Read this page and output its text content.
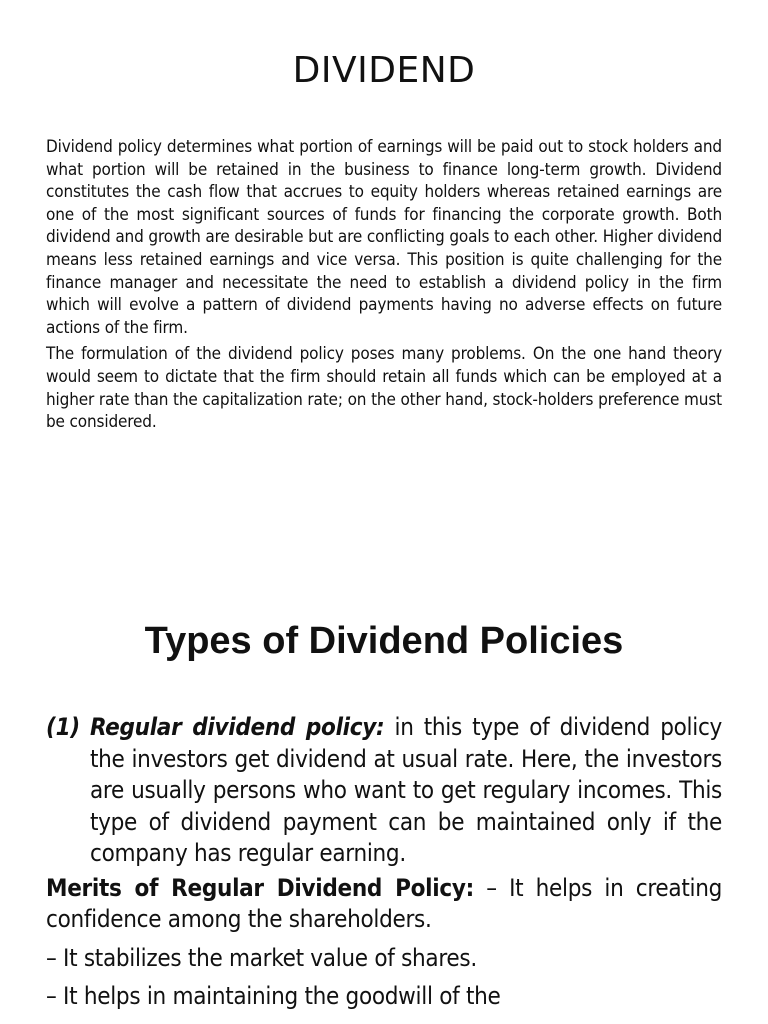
DIVIDEND

Dividend policy determines what portion of earnings will be paid out to stock holders and what portion will be retained in the business to finance long-term growth. Dividend constitutes the cash flow that accrues to equity holders whereas retained earnings are one of the most significant sources of funds for financing the corporate growth. Both dividend and growth are desirable but are conflicting goals to each other. Higher dividend means less retained earnings and vice versa. This position is quite challenging for the finance manager and necessitate the need to establish a dividend policy in the firm which will evolve a pattern of dividend payments having no adverse effects on future actions of the firm.

The formulation of the dividend policy poses many problems. On the one hand theory would seem to dictate that the firm should retain all funds which can be employed at a higher rate than the capitalization rate; on the other hand, stock-holders preference must be considered.

Types of Dividend Policies
(1) Regular dividend policy: in this type of dividend policy the investors get dividend at usual rate. Here, the investors are usually persons who want to get regulary incomes. This type of dividend payment can be maintained only if the company has regular earning.
Merits of Regular Dividend Policy: – It helps in creating confidence among the shareholders.
– It stabilizes the market value of shares.
– It helps in maintaining the goodwill of the
